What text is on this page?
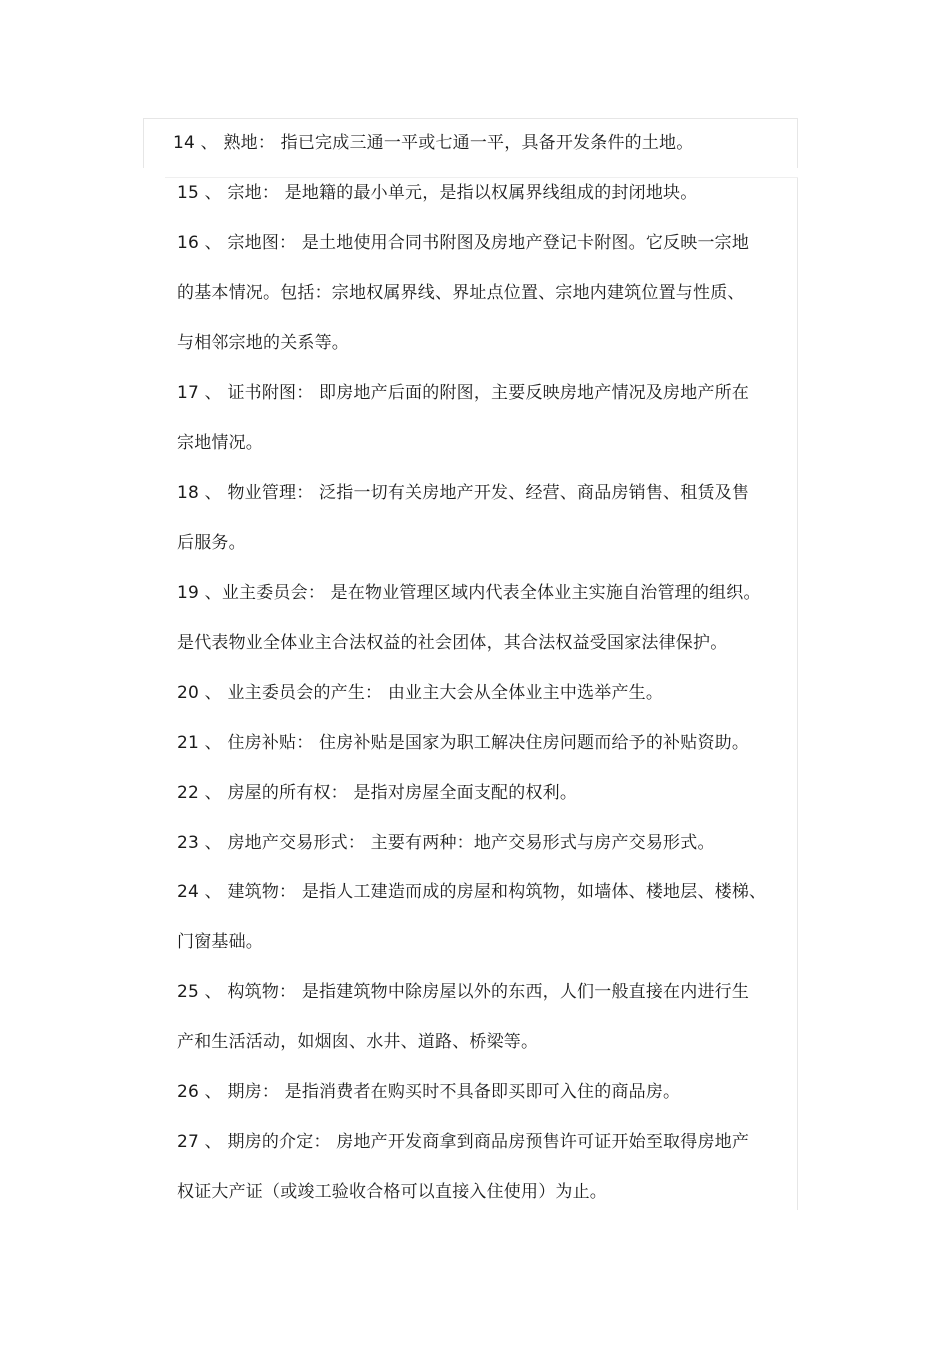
14 、 熟地： 指已完成三通一平或七通一平，具备开发条件的土地。
15 、 宗地： 是地籍的最小单元，是指以权属界线组成的封闭地块。
16 、 宗地图： 是土地使用合同书附图及房地产登记卡附图。它反映一宗地
的基本情况。包括：宗地权属界线、界址点位置、宗地内建筑位置与性质、
与相邻宗地的关系等。
17 、 证书附图： 即房地产后面的附图，主要反映房地产情况及房地产所在
宗地情况。
18 、 物业管理： 泛指一切有关房地产开发、经营、商品房销售、租赁及售
后服务。
19 、业主委员会： 是在物业管理区域内代表全体业主实施自治管理的组织。
是代表物业全体业主合法权益的社会团体，其合法权益受国家法律保护。
20 、 业主委员会的产生： 由业主大会从全体业主中选举产生。
21 、 住房补贴： 住房补贴是国家为职工解决住房问题而给予的补贴资助。
22 、 房屋的所有权： 是指对房屋全面支配的权利。
23 、 房地产交易形式： 主要有两种：地产交易形式与房产交易形式。
24 、 建筑物： 是指人工建造而成的房屋和构筑物，如墙体、楼地层、楼梯、
门窗基础。
25 、 构筑物： 是指建筑物中除房屋以外的东西，人们一般直接在内进行生
产和生活活动，如烟囱、水井、道路、桥梁等。
26 、 期房： 是指消费者在购买时不具备即买即可入住的商品房。
27 、 期房的介定： 房地产开发商拿到商品房预售许可证开始至取得房地产
权证大产证（或竣工验收合格可以直接入住使用）为止。
